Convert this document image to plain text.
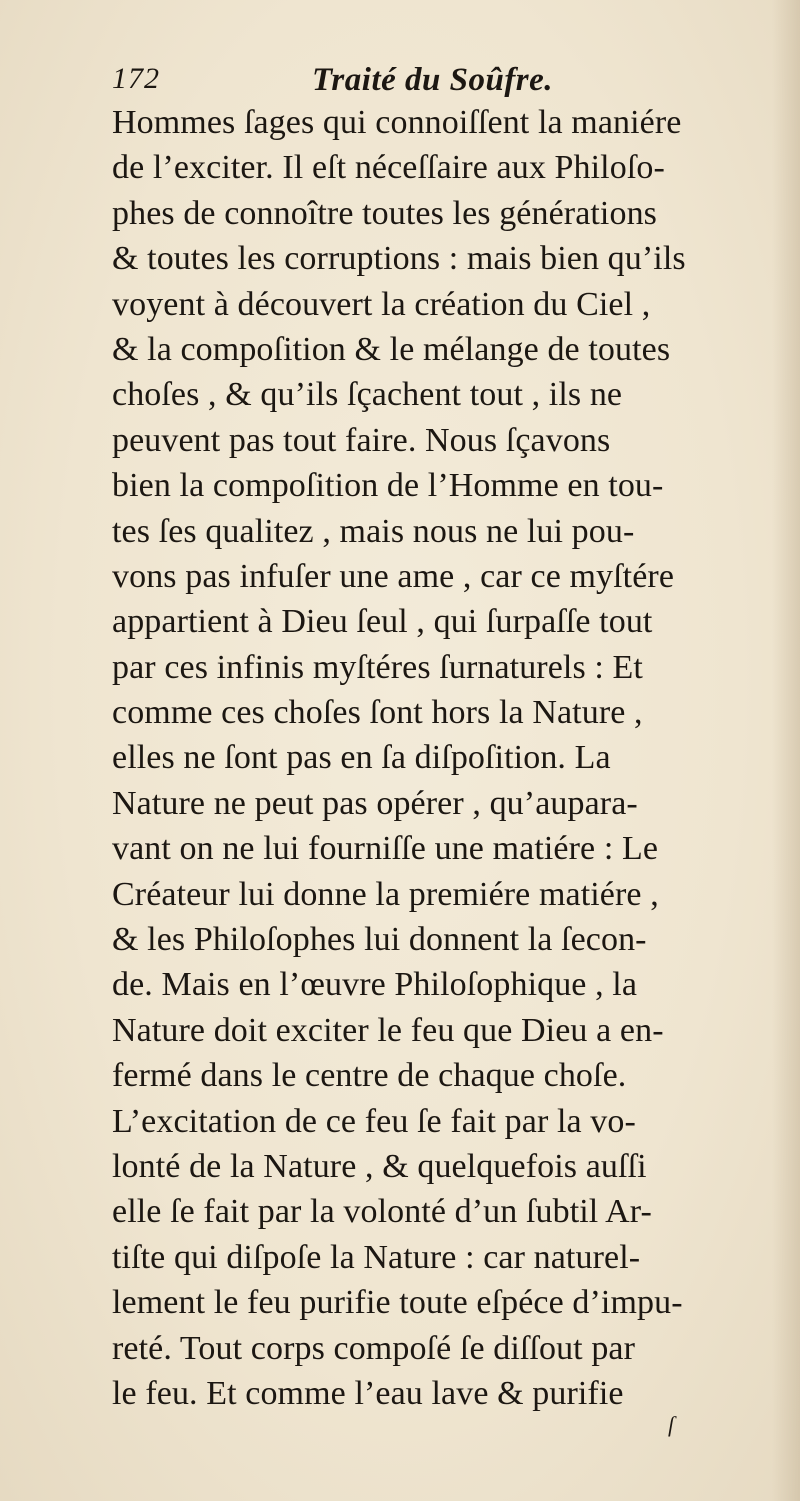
172	Traité du Soûfre.
Hommes ſages qui connoiſſent la maniére
de l’exciter. Il eſt néceſſaire aux Philoſo-
phes de connoître toutes les générations
& toutes les corruptions : mais bien qu’ils
voyent à découvert la création du Ciel ,
& la compoſition & le mélange de toutes
choſes , & qu’ils ſçachent tout , ils ne
peuvent pas tout faire. Nous ſçavons
bien la compoſition de l’Homme en tou-
tes ſes qualitez , mais nous ne lui pou-
vons pas infuſer une ame , car ce myſtére
appartient à Dieu ſeul , qui ſurpaſſe tout
par ces infinis myſtéres ſurnaturels : Et
comme ces choſes ſont hors la Nature ,
elles ne ſont pas en ſa diſpoſition. La
Nature ne peut pas opérer , qu’aupara-
vant on ne lui fourniſſe une matiére : Le
Créateur lui donne la premiére matiére ,
& les Philoſophes lui donnent la ſecon-
de. Mais en l’œuvre Philoſophique , la
Nature doit exciter le feu que Dieu a en-
fermé dans le centre de chaque choſe.
L’excitation de ce feu ſe fait par la vo-
lonté de la Nature , & quelquefois auſſi
elle ſe fait par la volonté d’un ſubtil Ar-
tiſte qui diſpoſe la Nature : car naturel-
lement le feu purifie toute eſpéce d’impu-
reté. Tout corps compoſé ſe diſſout par
le feu. Et comme l’eau lave & purifie
ſ
